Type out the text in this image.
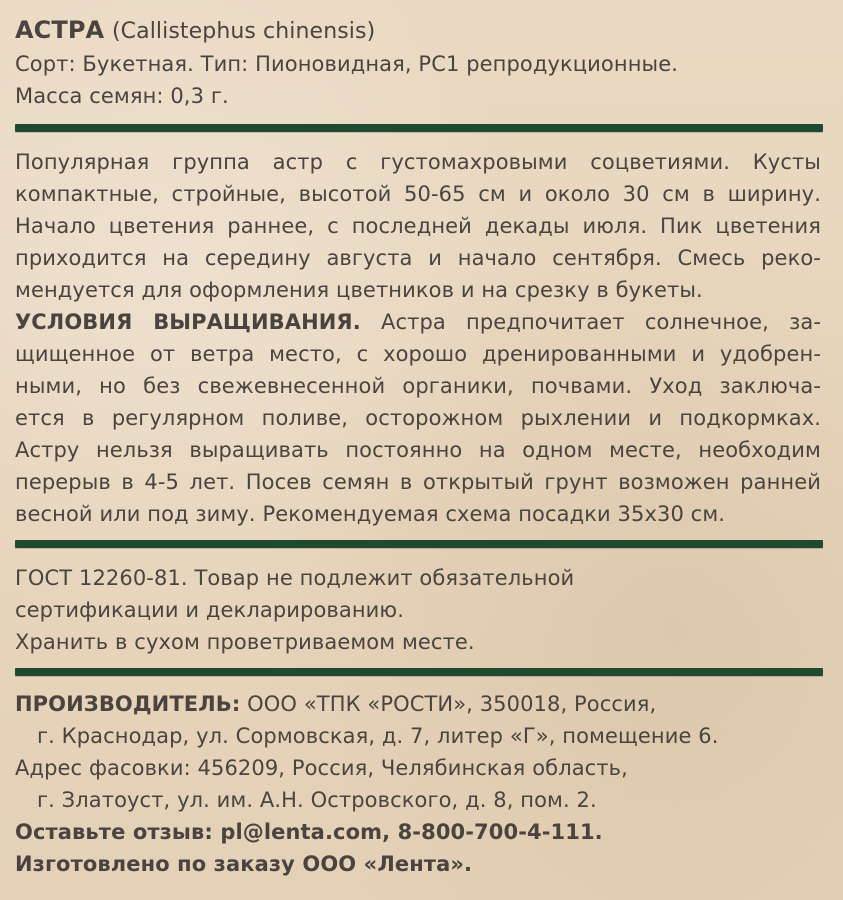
АСТРА (Callistephus chinensis)
Сорт: Букетная. Тип: Пионовидная, РС1 репродукционные.
Масса семян: 0,3 г.
Популярная группа астр с густомахровыми соцветиями. Кусты
компактные, стройные, высотой 50-65 см и около 30 см в ширину.
Начало цветения раннее, с последней декады июля. Пик цветения
приходится на середину августа и начало сентября. Смесь реко-
мендуется для оформления цветников и на срезку в букеты.
УСЛОВИЯ ВЫРАЩИВАНИЯ. Астра предпочитает солнечное, за-
щищенное от ветра место, с хорошо дренированными и удобрен-
ными, но без свежевнесенной органики, почвами. Уход заключа-
ется в регулярном поливе, осторожном рыхлении и подкормках.
Астру нельзя выращивать постоянно на одном месте, необходим
перерыв в 4-5 лет. Посев семян в открытый грунт возможен ранней
весной или под зиму. Рекомендуемая схема посадки 35х30 см.
ГОСТ 12260-81. Товар не подлежит обязательной
сертификации и декларированию.
Хранить в сухом проветриваемом месте.
ПРОИЗВОДИТЕЛЬ: ООО «ТПК «РОСТИ», 350018, Россия,
г. Краснодар, ул. Сормовская, д. 7, литер «Г», помещение 6.
Адрес фасовки: 456209, Россия, Челябинская область,
г. Златоуст, ул. им. А.Н. Островского, д. 8, пом. 2.
Оставьте отзыв: pl@lenta.com, 8-800-700-4-111.
Изготовлено по заказу ООО «Лента».
